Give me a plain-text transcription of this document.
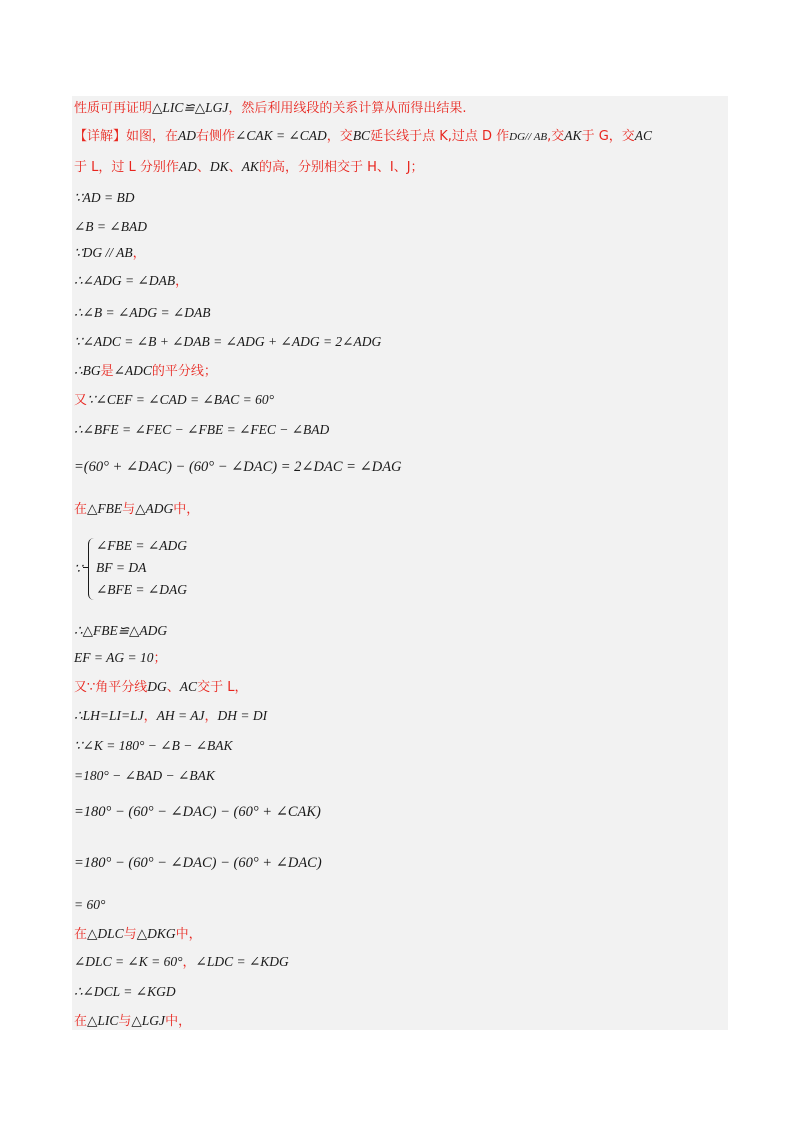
性质可再证明△LIC≌△LGJ，然后利用线段的关系计算从而得出结果.
【详解】如图，在AD右侧作∠CAK = ∠CAD，交BC延长线于点 K,过点 D 作DG// AB,交AK于 G，交AC
于 L，过 L 分别作AD、DK、AK的高，分别相交于 H、I、J；
∵AD = BD
∠B = ∠BAD
∵DG // AB，
∴∠ADG = ∠DAB，
∴∠B = ∠ADG = ∠DAB
∵∠ADC = ∠B + ∠DAB = ∠ADG + ∠ADG = 2∠ADG
∴BG是∠ADC的平分线；
又∵∠CEF = ∠CAD = ∠BAC = 60°
∴∠BFE = ∠FEC − ∠FBE = ∠FEC − ∠BAD
=(60° + ∠DAC) − (60° − ∠DAC) = 2∠DAC = ∠DAG
在△FBE与△ADG中，
∵
∠FBE = ∠ADG
BF = DA
∠BFE = ∠DAG
∴△FBE≌△ADG
EF = AG = 10；
又∵角平分线DG、AC交于 L，
∴LH=LI=LJ，AH = AJ，DH = DI
∵∠K = 180° − ∠B − ∠BAK
=180° − ∠BAD − ∠BAK
=180° − (60° − ∠DAC) − (60° + ∠CAK)
=180° − (60° − ∠DAC) − (60° + ∠DAC)
= 60°
在△DLC与△DKG中，
∠DLC = ∠K = 60°，∠LDC = ∠KDG
∴∠DCL = ∠KGD
在△LIC与△LGJ中，
